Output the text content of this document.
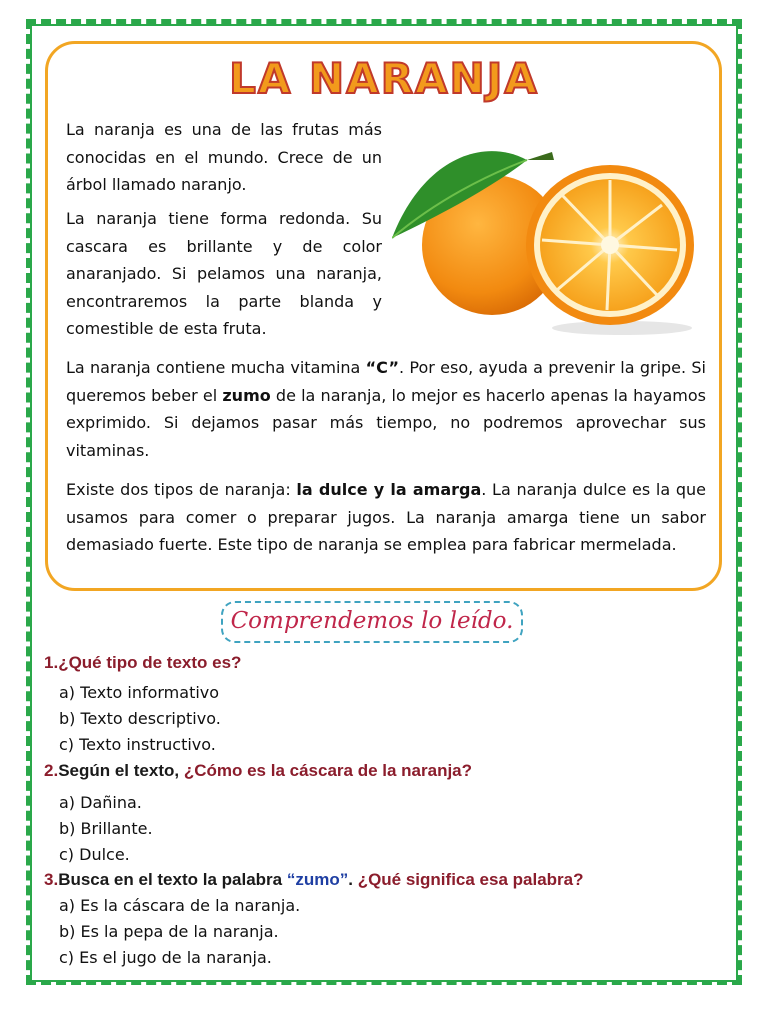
LA NARANJA
La naranja es una de las frutas más conocidas en el mundo. Crece de un árbol llamado naranjo.
La naranja tiene forma redonda. Su cascara es brillante y de color anaranjado. Si pelamos una naranja, encontraremos la parte blanda y comestible de esta fruta.
La naranja contiene mucha vitamina “C”. Por eso, ayuda a prevenir la gripe. Si queremos beber el zumo de la naranja, lo mejor es hacerlo apenas la hayamos exprimido. Si dejamos pasar más tiempo, no podremos aprovechar sus vitaminas.
Existe dos tipos de naranja: la dulce y la amarga. La naranja dulce es la que usamos para comer o preparar jugos. La naranja amarga tiene un sabor demasiado fuerte. Este tipo de naranja se emplea para fabricar mermelada.
Comprendemos lo leído.
1.¿Qué tipo de texto es?
a) Texto informativo
b) Texto descriptivo.
c) Texto instructivo.
2.Según el texto, ¿Cómo es la cáscara de la naranja?
a) Dañina.
b) Brillante.
c) Dulce.
3.Busca en el texto la palabra “zumo”. ¿Qué significa esa palabra?
a) Es la cáscara de la naranja.
b) Es la pepa de la naranja.
c) Es el jugo de la naranja.
